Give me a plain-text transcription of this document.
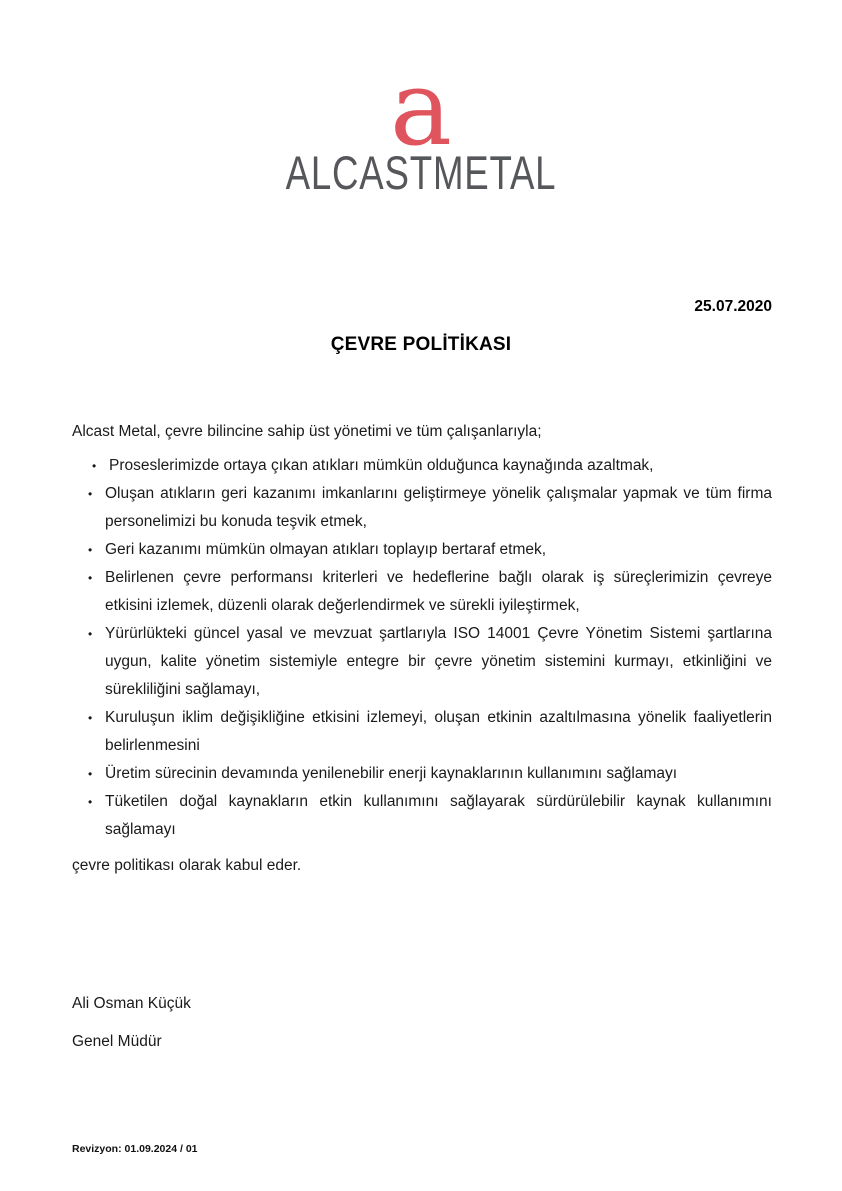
a
ALCASTMETAL
25.07.2020
ÇEVRE POLİTİKASI

Alcast Metal, çevre bilincine sahip üst yönetimi ve tüm çalışanlarıyla;

• Proseslerimizde ortaya çıkan atıkları mümkün olduğunca kaynağında azaltmak,
• Oluşan atıkların geri kazanımı imkanlarını geliştirmeye yönelik çalışmalar yapmak ve tüm firma personelimizi bu konuda teşvik etmek,
• Geri kazanımı mümkün olmayan atıkları toplayıp bertaraf etmek,
• Belirlenen çevre performansı kriterleri ve hedeflerine bağlı olarak iş süreçlerimizin çevreye etkisini izlemek, düzenli olarak değerlendirmek ve sürekli iyileştirmek,
• Yürürlükteki güncel yasal ve mevzuat şartlarıyla ISO 14001 Çevre Yönetim Sistemi şartlarına uygun, kalite yönetim sistemiyle entegre bir çevre yönetim sistemini kurmayı, etkinliğini ve sürekliliğini sağlamayı,
• Kuruluşun iklim değişikliğine etkisini izlemeyi, oluşan etkinin azaltılmasına yönelik faaliyetlerin belirlenmesini
• Üretim sürecinin devamında yenilenebilir enerji kaynaklarının kullanımını sağlamayı
• Tüketilen doğal kaynakların etkin kullanımını sağlayarak sürdürülebilir kaynak kullanımını sağlamayı

çevre politikası olarak kabul eder.

Ali Osman Küçük

Genel Müdür

Revizyon: 01.09.2024 / 01
